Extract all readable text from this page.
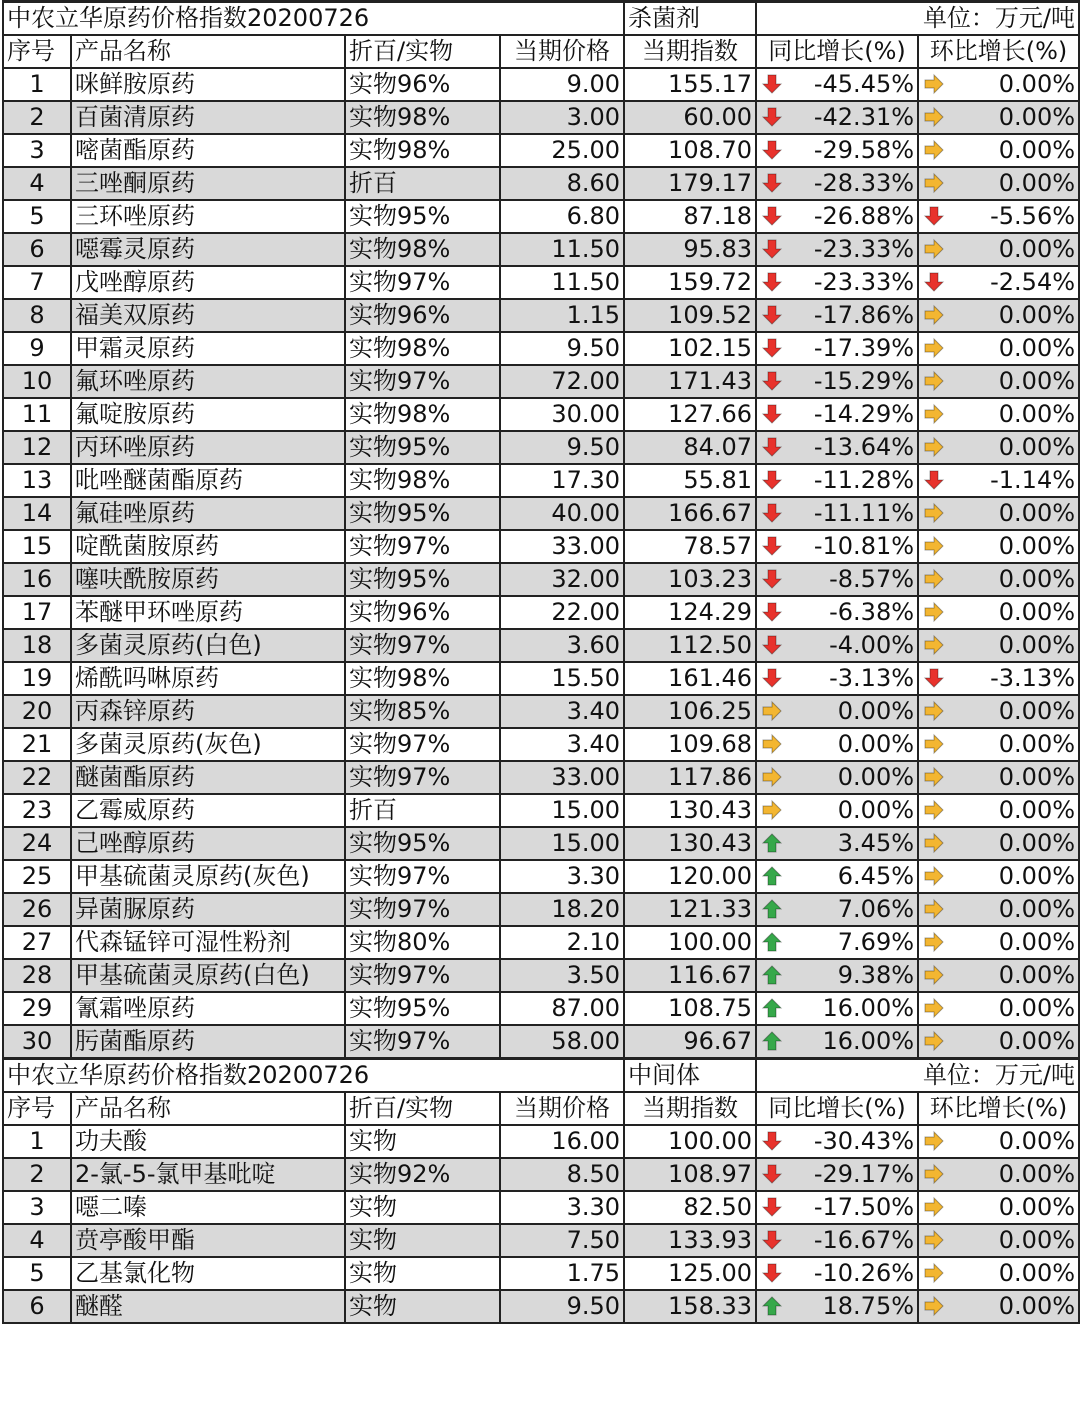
中农立华原药价格指数20200726				杀菌剂	单位：万元/吨	
序号	产品名称	折百/实物	当期价格	当期指数	同比增长(%)	环比增长(%)
1	咪鲜胺原药	实物96%	9.00	155.17	-45.45%	0.00%
2	百菌清原药	实物98%	3.00	60.00	-42.31%	0.00%
3	嘧菌酯原药	实物98%	25.00	108.70	-29.58%	0.00%
4	三唑酮原药	折百	8.60	179.17	-28.33%	0.00%
5	三环唑原药	实物95%	6.80	87.18	-26.88%	-5.56%
6	噁霉灵原药	实物98%	11.50	95.83	-23.33%	0.00%
7	戊唑醇原药	实物97%	11.50	159.72	-23.33%	-2.54%
8	福美双原药	实物96%	1.15	109.52	-17.86%	0.00%
9	甲霜灵原药	实物98%	9.50	102.15	-17.39%	0.00%
10	氟环唑原药	实物97%	72.00	171.43	-15.29%	0.00%
11	氟啶胺原药	实物98%	30.00	127.66	-14.29%	0.00%
12	丙环唑原药	实物95%	9.50	84.07	-13.64%	0.00%
13	吡唑醚菌酯原药	实物98%	17.30	55.81	-11.28%	-1.14%
14	氟硅唑原药	实物95%	40.00	166.67	-11.11%	0.00%
15	啶酰菌胺原药	实物97%	33.00	78.57	-10.81%	0.00%
16	噻呋酰胺原药	实物95%	32.00	103.23	-8.57%	0.00%
17	苯醚甲环唑原药	实物96%	22.00	124.29	-6.38%	0.00%
18	多菌灵原药(白色)	实物97%	3.60	112.50	-4.00%	0.00%
19	烯酰吗啉原药	实物98%	15.50	161.46	-3.13%	-3.13%
20	丙森锌原药	实物85%	3.40	106.25	0.00%	0.00%
21	多菌灵原药(灰色)	实物97%	3.40	109.68	0.00%	0.00%
22	醚菌酯原药	实物97%	33.00	117.86	0.00%	0.00%
23	乙霉威原药	折百	15.00	130.43	0.00%	0.00%
24	己唑醇原药	实物95%	15.00	130.43	3.45%	0.00%
25	甲基硫菌灵原药(灰色)	实物97%	3.30	120.00	6.45%	0.00%
26	异菌脲原药	实物97%	18.20	121.33	7.06%	0.00%
27	代森锰锌可湿性粉剂	实物80%	2.10	100.00	7.69%	0.00%
28	甲基硫菌灵原药(白色)	实物97%	3.50	116.67	9.38%	0.00%
29	氰霜唑原药	实物95%	87.00	108.75	16.00%	0.00%
30	肟菌酯原药	实物97%	58.00	96.67	16.00%	0.00%
中农立华原药价格指数20200726				中间体	单位：万元/吨	
序号	产品名称	折百/实物	当期价格	当期指数	同比增长(%)	环比增长(%)
1	功夫酸	实物	16.00	100.00	-30.43%	0.00%
2	2-氯-5-氯甲基吡啶	实物92%	8.50	108.97	-29.17%	0.00%
3	噁二嗪	实物	3.30	82.50	-17.50%	0.00%
4	贲亭酸甲酯	实物	7.50	133.93	-16.67%	0.00%
5	乙基氯化物	实物	1.75	125.00	-10.26%	0.00%
6	醚醛	实物	9.50	158.33	18.75%	0.00%
